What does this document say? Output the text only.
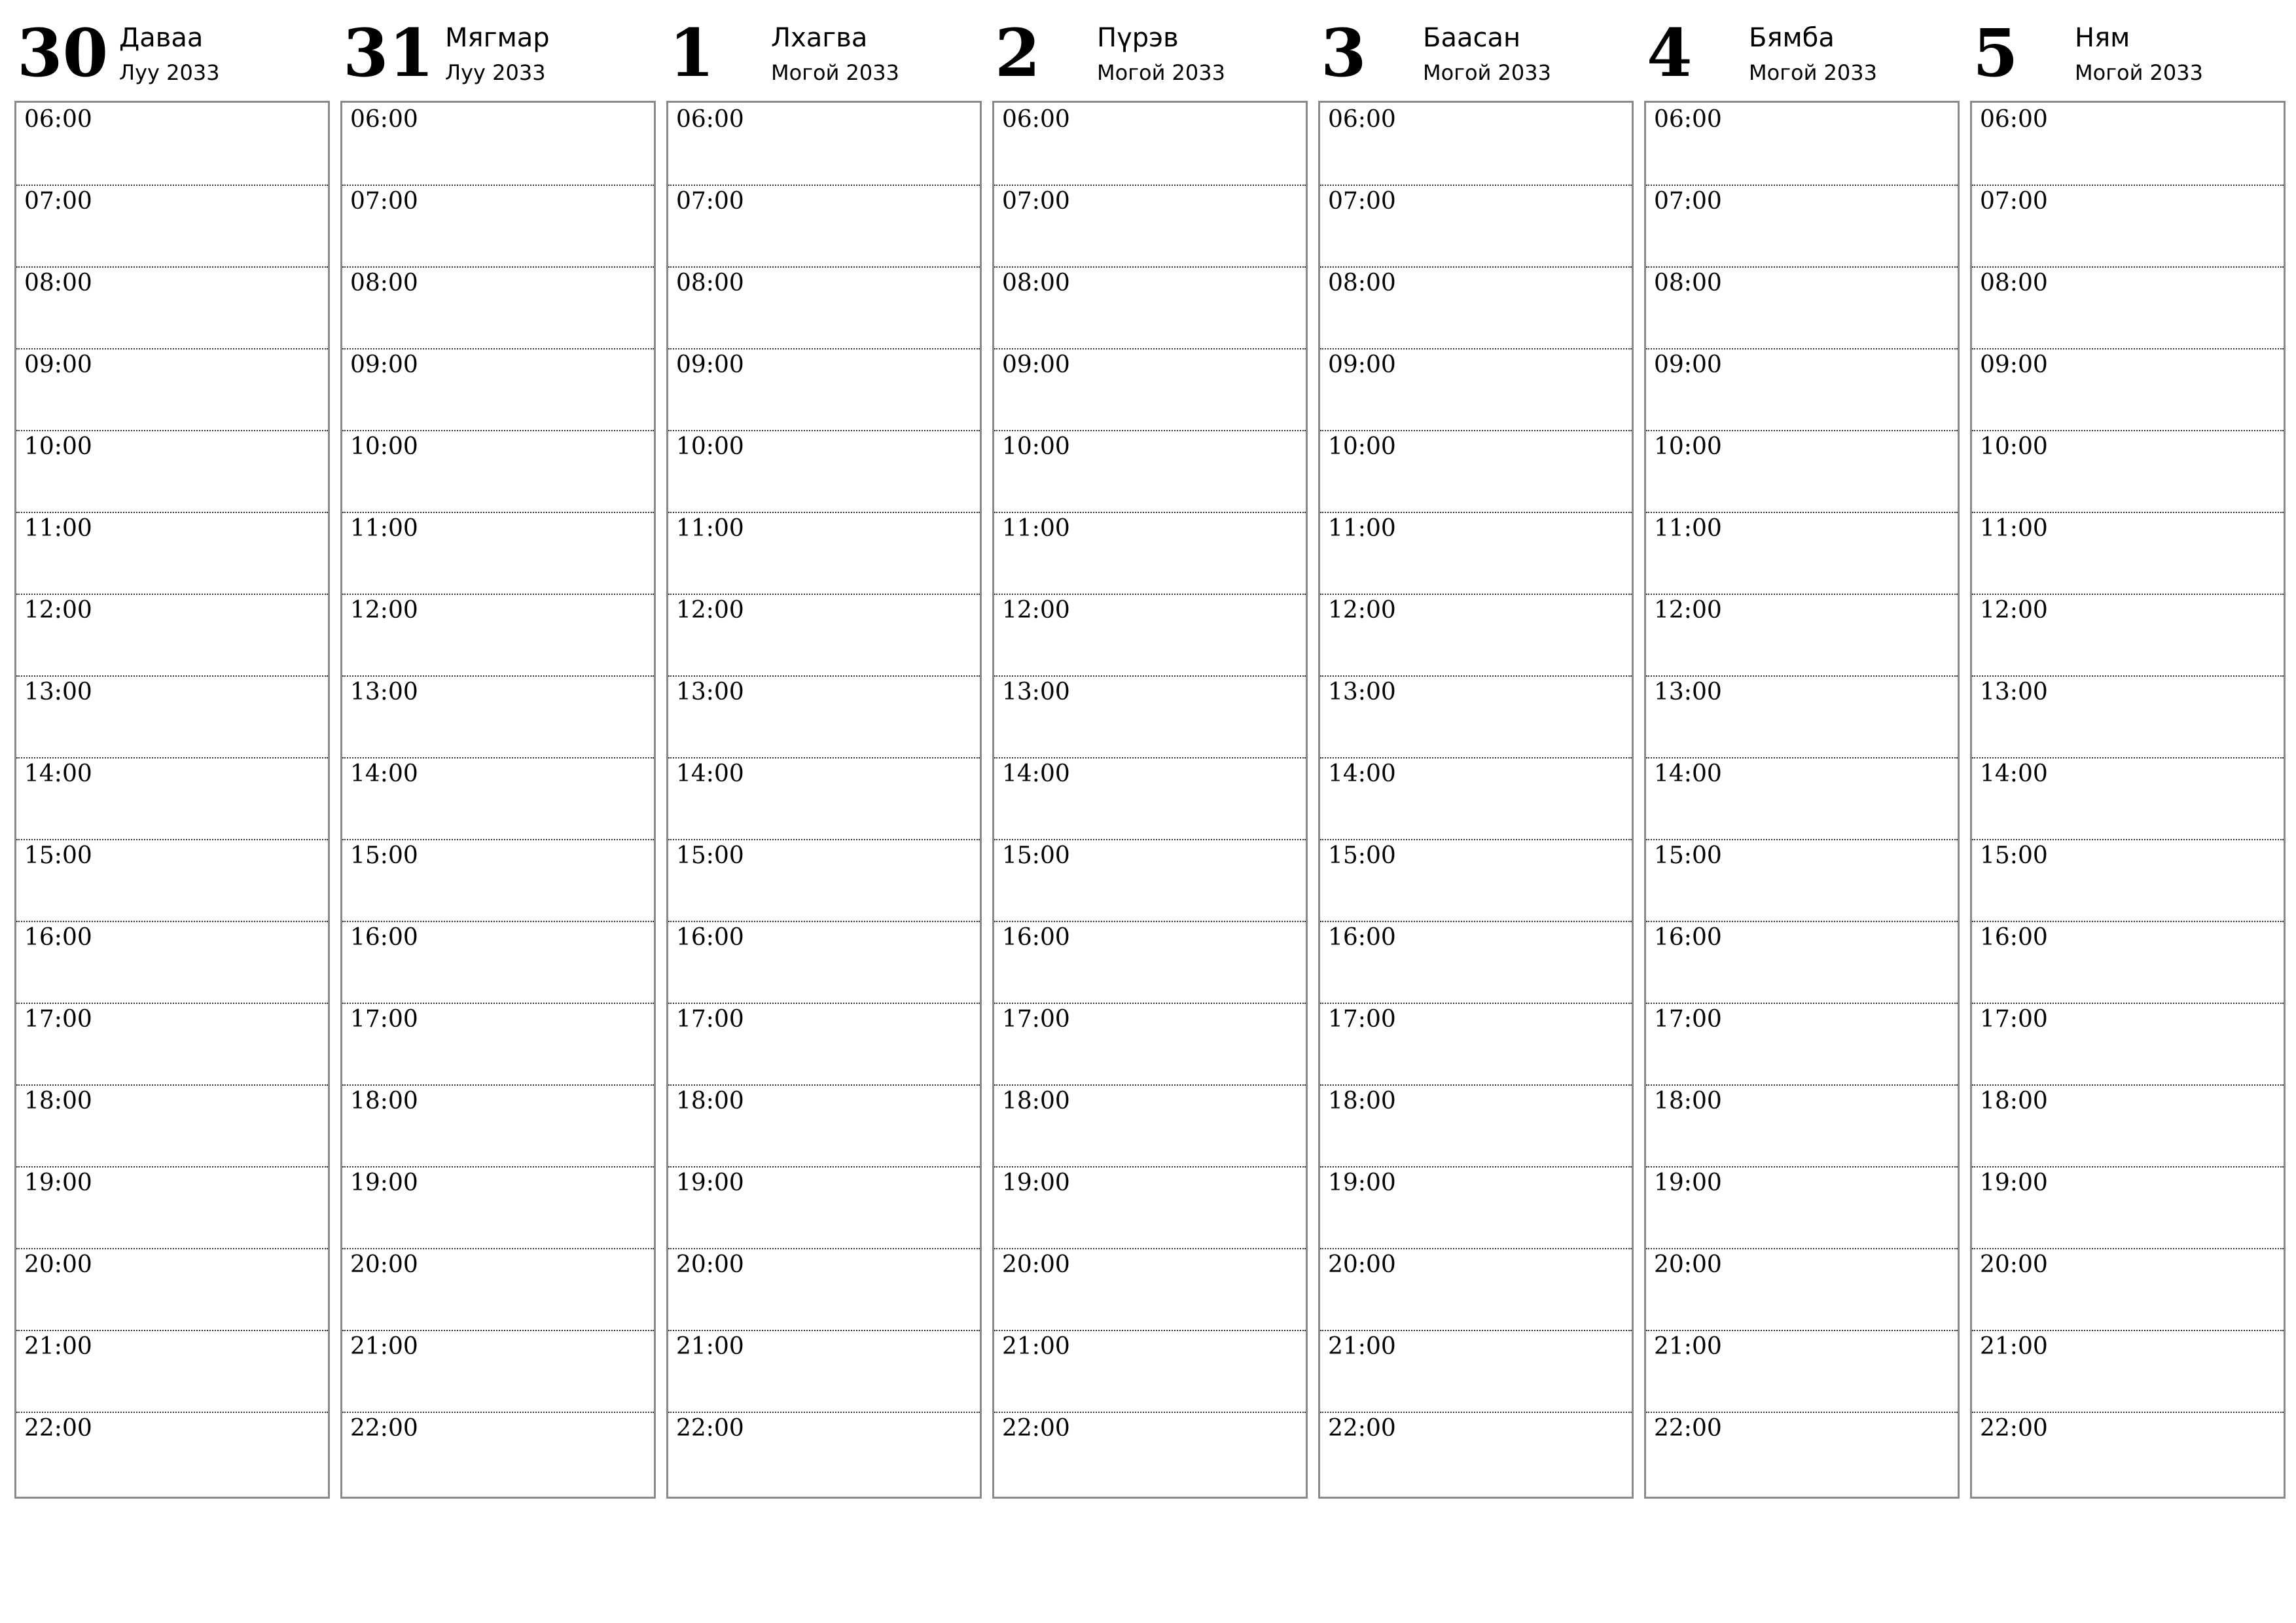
30 Даваа
Луу 2033
06:00
07:00
08:00
09:00
10:00
11:00
12:00
13:00
14:00
15:00
16:00
17:00
18:00
19:00
20:00
21:00
22:00
31 Мягмар
Луу 2033
06:00
07:00
08:00
09:00
10:00
11:00
12:00
13:00
14:00
15:00
16:00
17:00
18:00
19:00
20:00
21:00
22:00
1 Лхагва
Могой 2033
06:00
07:00
08:00
09:00
10:00
11:00
12:00
13:00
14:00
15:00
16:00
17:00
18:00
19:00
20:00
21:00
22:00
2 Пүрэв
Могой 2033
06:00
07:00
08:00
09:00
10:00
11:00
12:00
13:00
14:00
15:00
16:00
17:00
18:00
19:00
20:00
21:00
22:00
3 Баасан
Могой 2033
06:00
07:00
08:00
09:00
10:00
11:00
12:00
13:00
14:00
15:00
16:00
17:00
18:00
19:00
20:00
21:00
22:00
4 Бямба
Могой 2033
06:00
07:00
08:00
09:00
10:00
11:00
12:00
13:00
14:00
15:00
16:00
17:00
18:00
19:00
20:00
21:00
22:00
5 Ням
Могой 2033
06:00
07:00
08:00
09:00
10:00
11:00
12:00
13:00
14:00
15:00
16:00
17:00
18:00
19:00
20:00
21:00
22:00
